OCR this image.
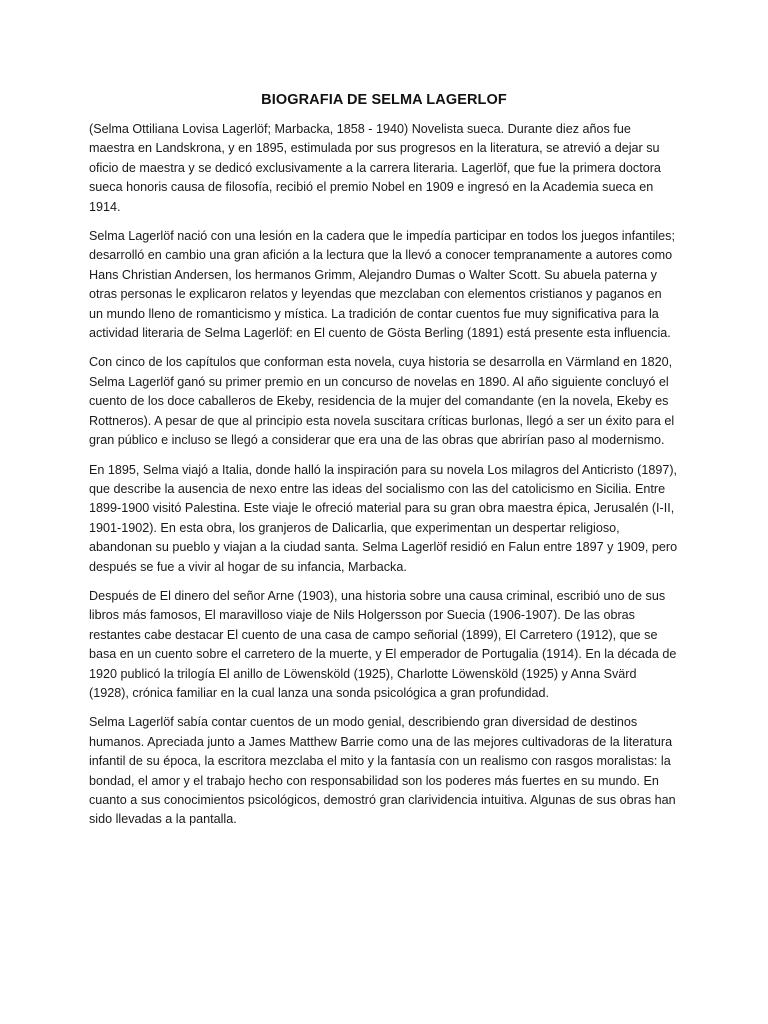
BIOGRAFIA DE SELMA LAGERLOF

(Selma Ottiliana Lovisa Lagerlöf; Marbacka, 1858 - 1940) Novelista sueca. Durante diez años fue maestra en Landskrona, y en 1895, estimulada por sus progresos en la literatura, se atrevió a dejar su oficio de maestra y se dedicó exclusivamente a la carrera literaria. Lagerlöf, que fue la primera doctora sueca honoris causa de filosofía, recibió el premio Nobel en 1909 e ingresó en la Academia sueca en 1914.

Selma Lagerlöf nació con una lesión en la cadera que le impedía participar en todos los juegos infantiles; desarrolló en cambio una gran afición a la lectura que la llevó a conocer tempranamente a autores como Hans Christian Andersen, los hermanos Grimm, Alejandro Dumas o Walter Scott. Su abuela paterna y otras personas le explicaron relatos y leyendas que mezclaban con elementos cristianos y paganos en un mundo lleno de romanticismo y mística. La tradición de contar cuentos fue muy significativa para la actividad literaria de Selma Lagerlöf: en El cuento de Gösta Berling (1891) está presente esta influencia.

Con cinco de los capítulos que conforman esta novela, cuya historia se desarrolla en Värmland en 1820, Selma Lagerlöf ganó su primer premio en un concurso de novelas en 1890. Al año siguiente concluyó el cuento de los doce caballeros de Ekeby, residencia de la mujer del comandante (en la novela, Ekeby es Rottneros). A pesar de que al principio esta novela suscitara críticas burlonas, llegó a ser un éxito para el gran público e incluso se llegó a considerar que era una de las obras que abrirían paso al modernismo.

En 1895, Selma viajó a Italia, donde halló la inspiración para su novela Los milagros del Anticristo (1897), que describe la ausencia de nexo entre las ideas del socialismo con las del catolicismo en Sicilia. Entre 1899-1900 visitó Palestina. Este viaje le ofreció material para su gran obra maestra épica, Jerusalén (I-II, 1901-1902). En esta obra, los granjeros de Dalicarlia, que experimentan un despertar religioso, abandonan su pueblo y viajan a la ciudad santa. Selma Lagerlöf residió en Falun entre 1897 y 1909, pero después se fue a vivir al hogar de su infancia, Marbacka.

Después de El dinero del señor Arne (1903), una historia sobre una causa criminal, escribió uno de sus libros más famosos, El maravilloso viaje de Nils Holgersson por Suecia (1906-1907). De las obras restantes cabe destacar El cuento de una casa de campo señorial (1899), El Carretero (1912), que se basa en un cuento sobre el carretero de la muerte, y El emperador de Portugalia (1914). En la década de 1920 publicó la trilogía El anillo de Löwensköld (1925), Charlotte Löwensköld (1925) y Anna Svärd (1928), crónica familiar en la cual lanza una sonda psicológica a gran profundidad.

Selma Lagerlöf sabía contar cuentos de un modo genial, describiendo gran diversidad de destinos humanos. Apreciada junto a James Matthew Barrie como una de las mejores cultivadoras de la literatura infantil de su época, la escritora mezclaba el mito y la fantasía con un realismo con rasgos moralistas: la bondad, el amor y el trabajo hecho con responsabilidad son los poderes más fuertes en su mundo. En cuanto a sus conocimientos psicológicos, demostró gran clarividencia intuitiva. Algunas de sus obras han sido llevadas a la pantalla.
